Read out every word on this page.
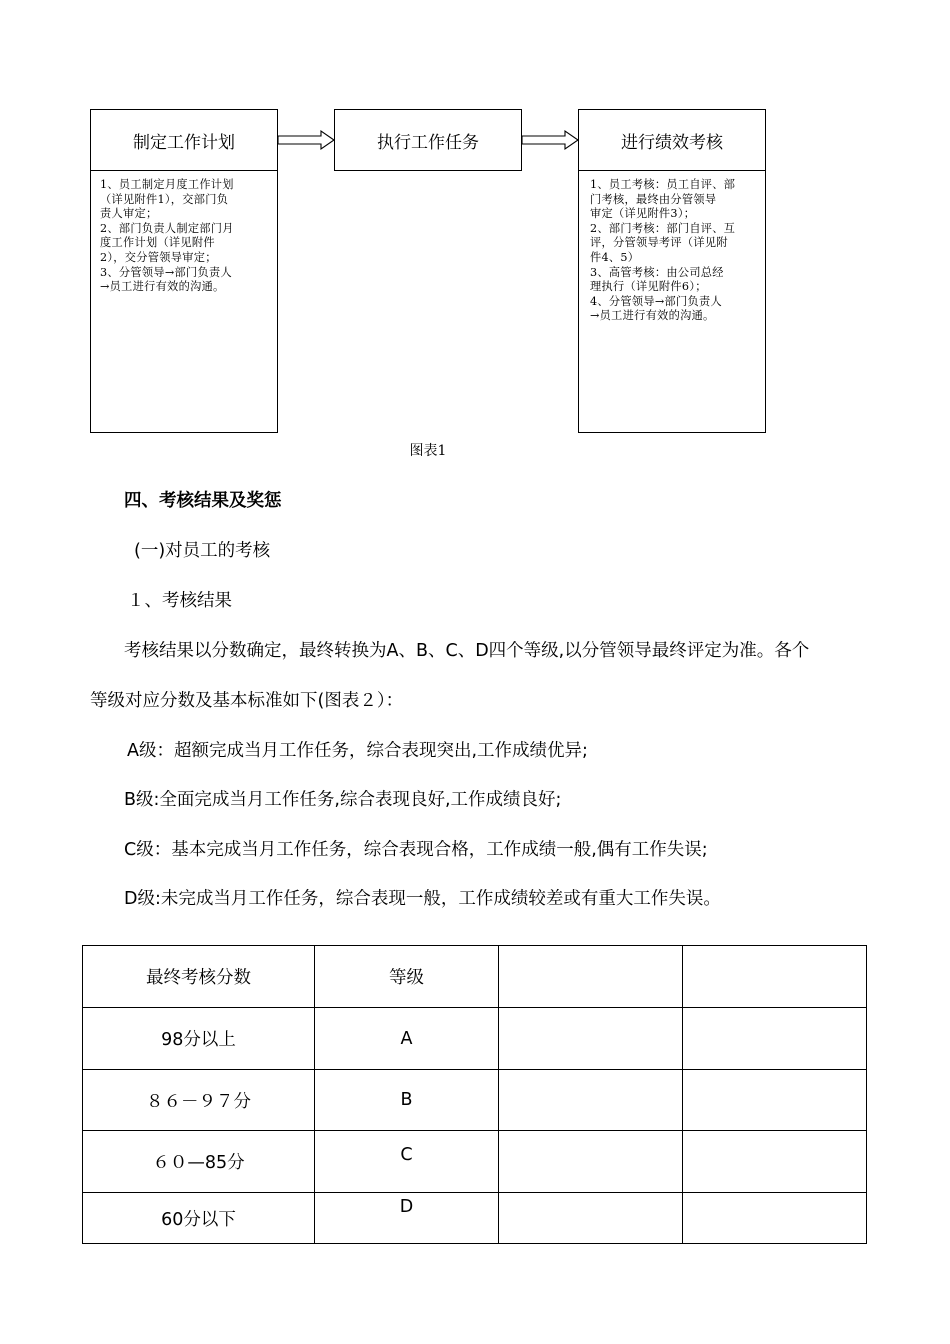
制定工作计划
1、员工制定月度工作计划
（详见附件1），交部门负
责人审定；
2、部门负责人制定部门月
度工作计划（详见附件
2），交分管领导审定；
3、分管领导→部门负责人
→员工进行有效的沟通。
执行工作任务	进行绩效考核
1、员工考核：员工自评、部
门考核，最终由分管领导
审定（详见附件3）；
2、部门考核：部门自评、互
评，分管领导考评（详见附
件4、5）
3、高管考核：由公司总经
理执行（详见附件6）；
4、分管领导→部门负责人
→员工进行有效的沟通。
图表1
四、考核结果及奖惩
(一)对员工的考核
１、考核结果
考核结果以分数确定，最终转换为A、B、C、D四个等级,以分管领导最终评定为准。各个
等级对应分数及基本标准如下(图表２）：
A级：超额完成当月工作任务，综合表现突出,工作成绩优异;
B级:全面完成当月工作任务,综合表现良好,工作成绩良好;
C级：基本完成当月工作任务，综合表现合格，工作成绩一般,偶有工作失误;
D级:未完成当月工作任务，综合表现一般，工作成绩较差或有重大工作失误。
最终考核分数	等级		
98分以上	A		
８６－９７分	B		
６０—85分	C		
60分以下	D		
